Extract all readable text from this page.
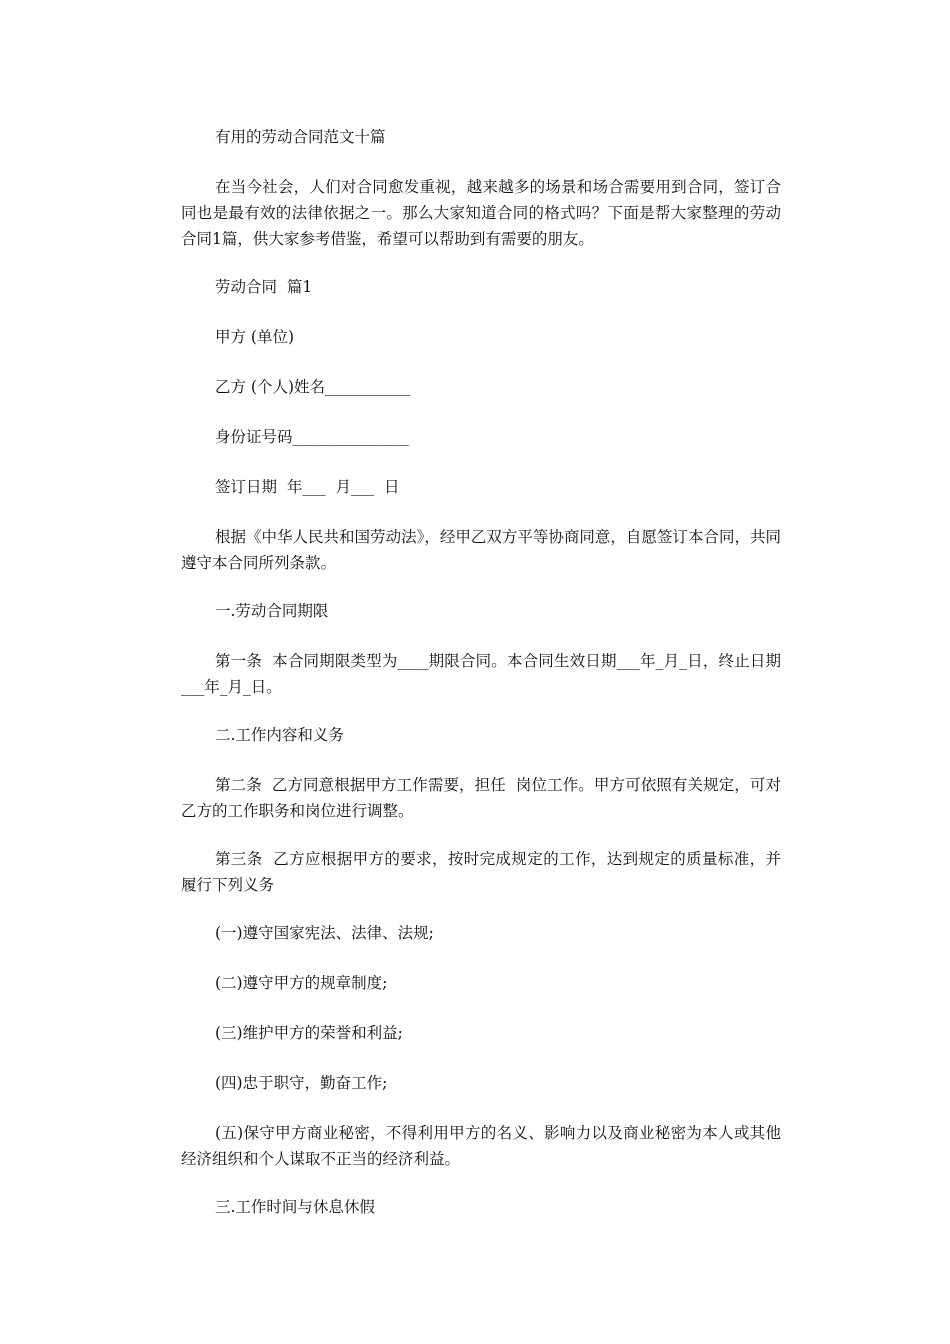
有用的劳动合同范文十篇

在当今社会，人们对合同愈发重视，越来越多的场景和场合需要用到合同，签订合同也是最有效的法律依据之一。那么大家知道合同的格式吗？下面是帮大家整理的劳动合同1篇，供大家参考借鉴，希望可以帮助到有需要的朋友。

劳动合同  篇1

甲方 (单位)

乙方 (个人)姓名___________

身份证号码_______________

签订日期  年___  月___  日

根据《中华人民共和国劳动法》，经甲乙双方平等协商同意，自愿签订本合同，共同遵守本合同所列条款。

一.劳动合同期限

第一条  本合同期限类型为____期限合同。本合同生效日期___年_月_日，终止日期___年_月_日。

二.工作内容和义务

第二条  乙方同意根据甲方工作需要，担任  岗位工作。甲方可依照有关规定，可对乙方的工作职务和岗位进行调整。

第三条  乙方应根据甲方的要求，按时完成规定的工作，达到规定的质量标准，并履行下列义务

(一)遵守国家宪法、法律、法规;

(二)遵守甲方的规章制度;

(三)维护甲方的荣誉和利益;

(四)忠于职守，勤奋工作;

(五)保守甲方商业秘密，不得利用甲方的名义、影响力以及商业秘密为本人或其他经济组织和个人谋取不正当的经济利益。

三.工作时间与休息休假
